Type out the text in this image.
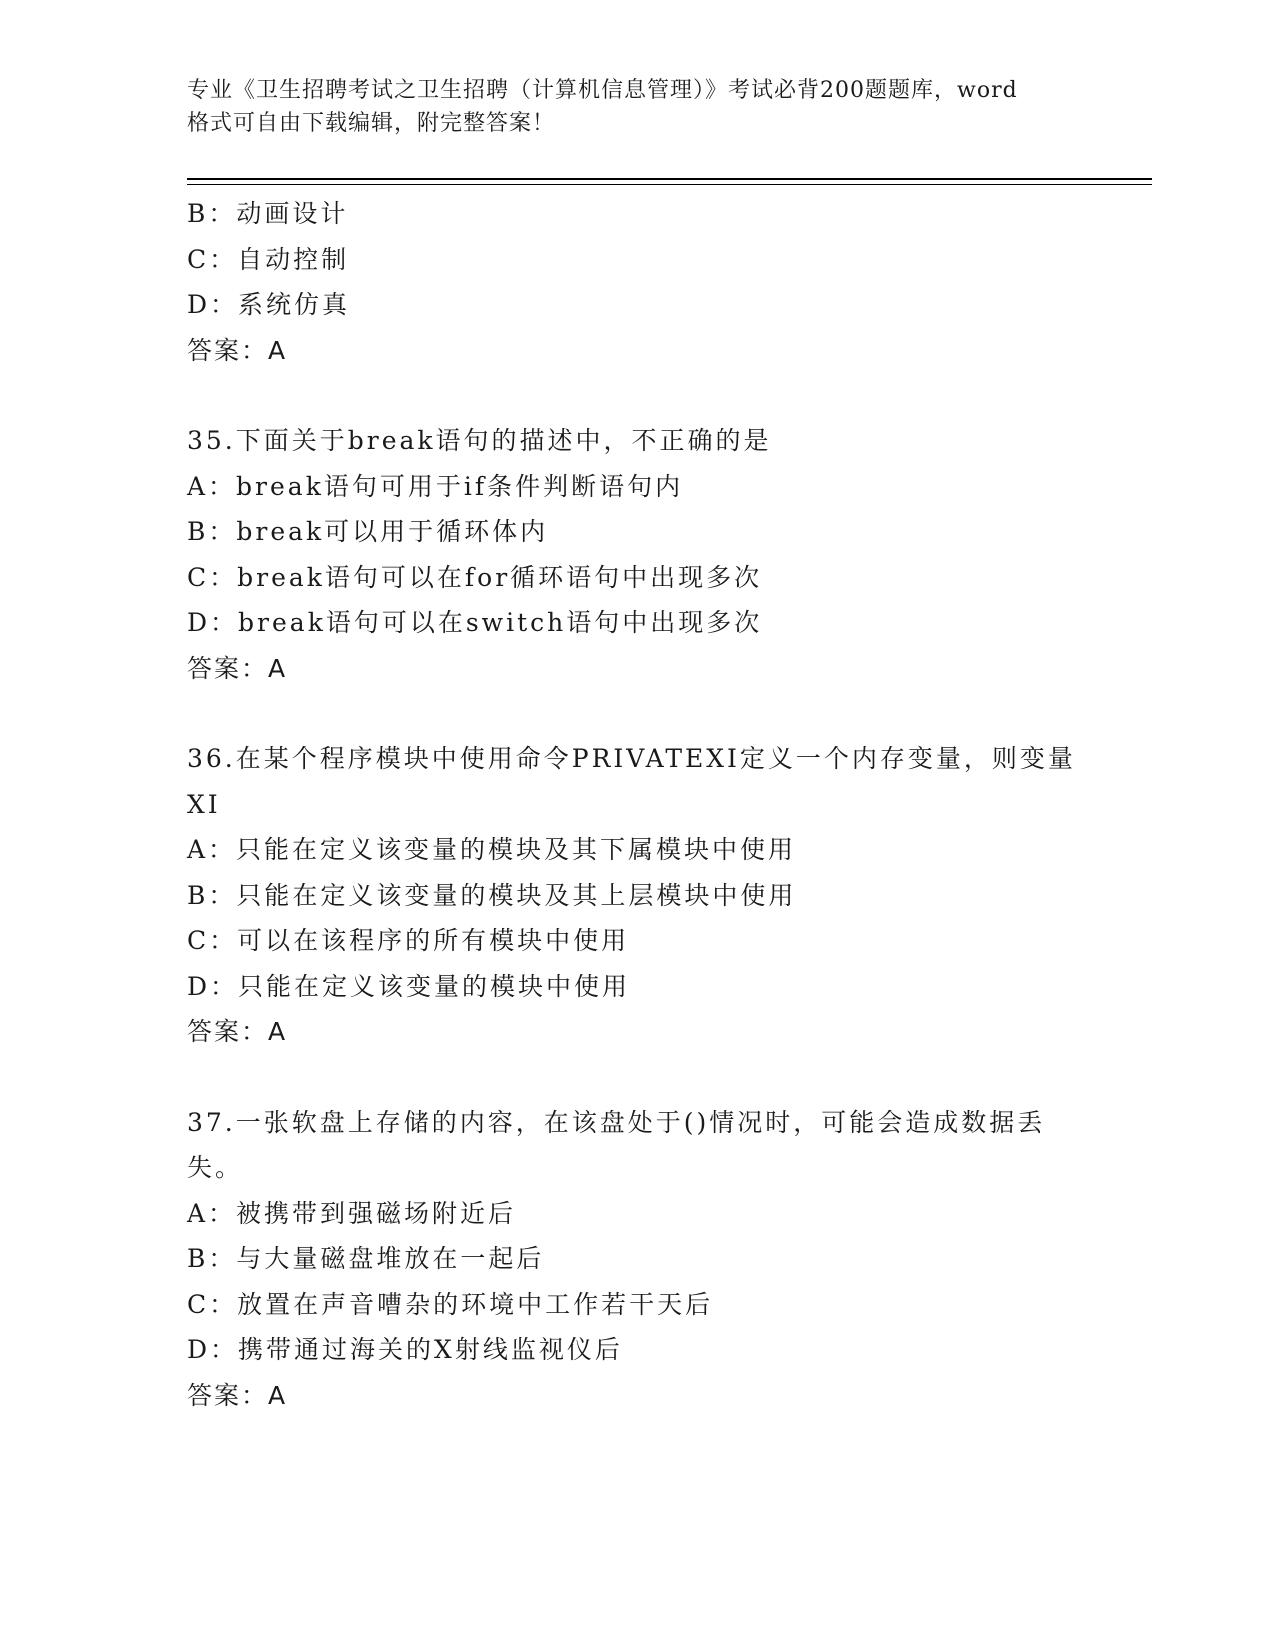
专业《卫生招聘考试之卫生招聘（计算机信息管理）》考试必背200题题库，word
格式可自由下载编辑，附完整答案！
B：动画设计
C：自动控制
D：系统仿真
答案：A
35.下面关于break语句的描述中，不正确的是
A：break语句可用于if条件判断语句内
B：break可以用于循环体内
C：break语句可以在for循环语句中出现多次
D：break语句可以在switch语句中出现多次
答案：A
36.在某个程序模块中使用命令PRIVATEXI定义一个内存变量，则变量
XI
A：只能在定义该变量的模块及其下属模块中使用
B：只能在定义该变量的模块及其上层模块中使用
C：可以在该程序的所有模块中使用
D：只能在定义该变量的模块中使用
答案：A
37.一张软盘上存储的内容，在该盘处于()情况时，可能会造成数据丢
失。
A：被携带到强磁场附近后
B：与大量磁盘堆放在一起后
C：放置在声音嘈杂的环境中工作若干天后
D：携带通过海关的X射线监视仪后
答案：A
